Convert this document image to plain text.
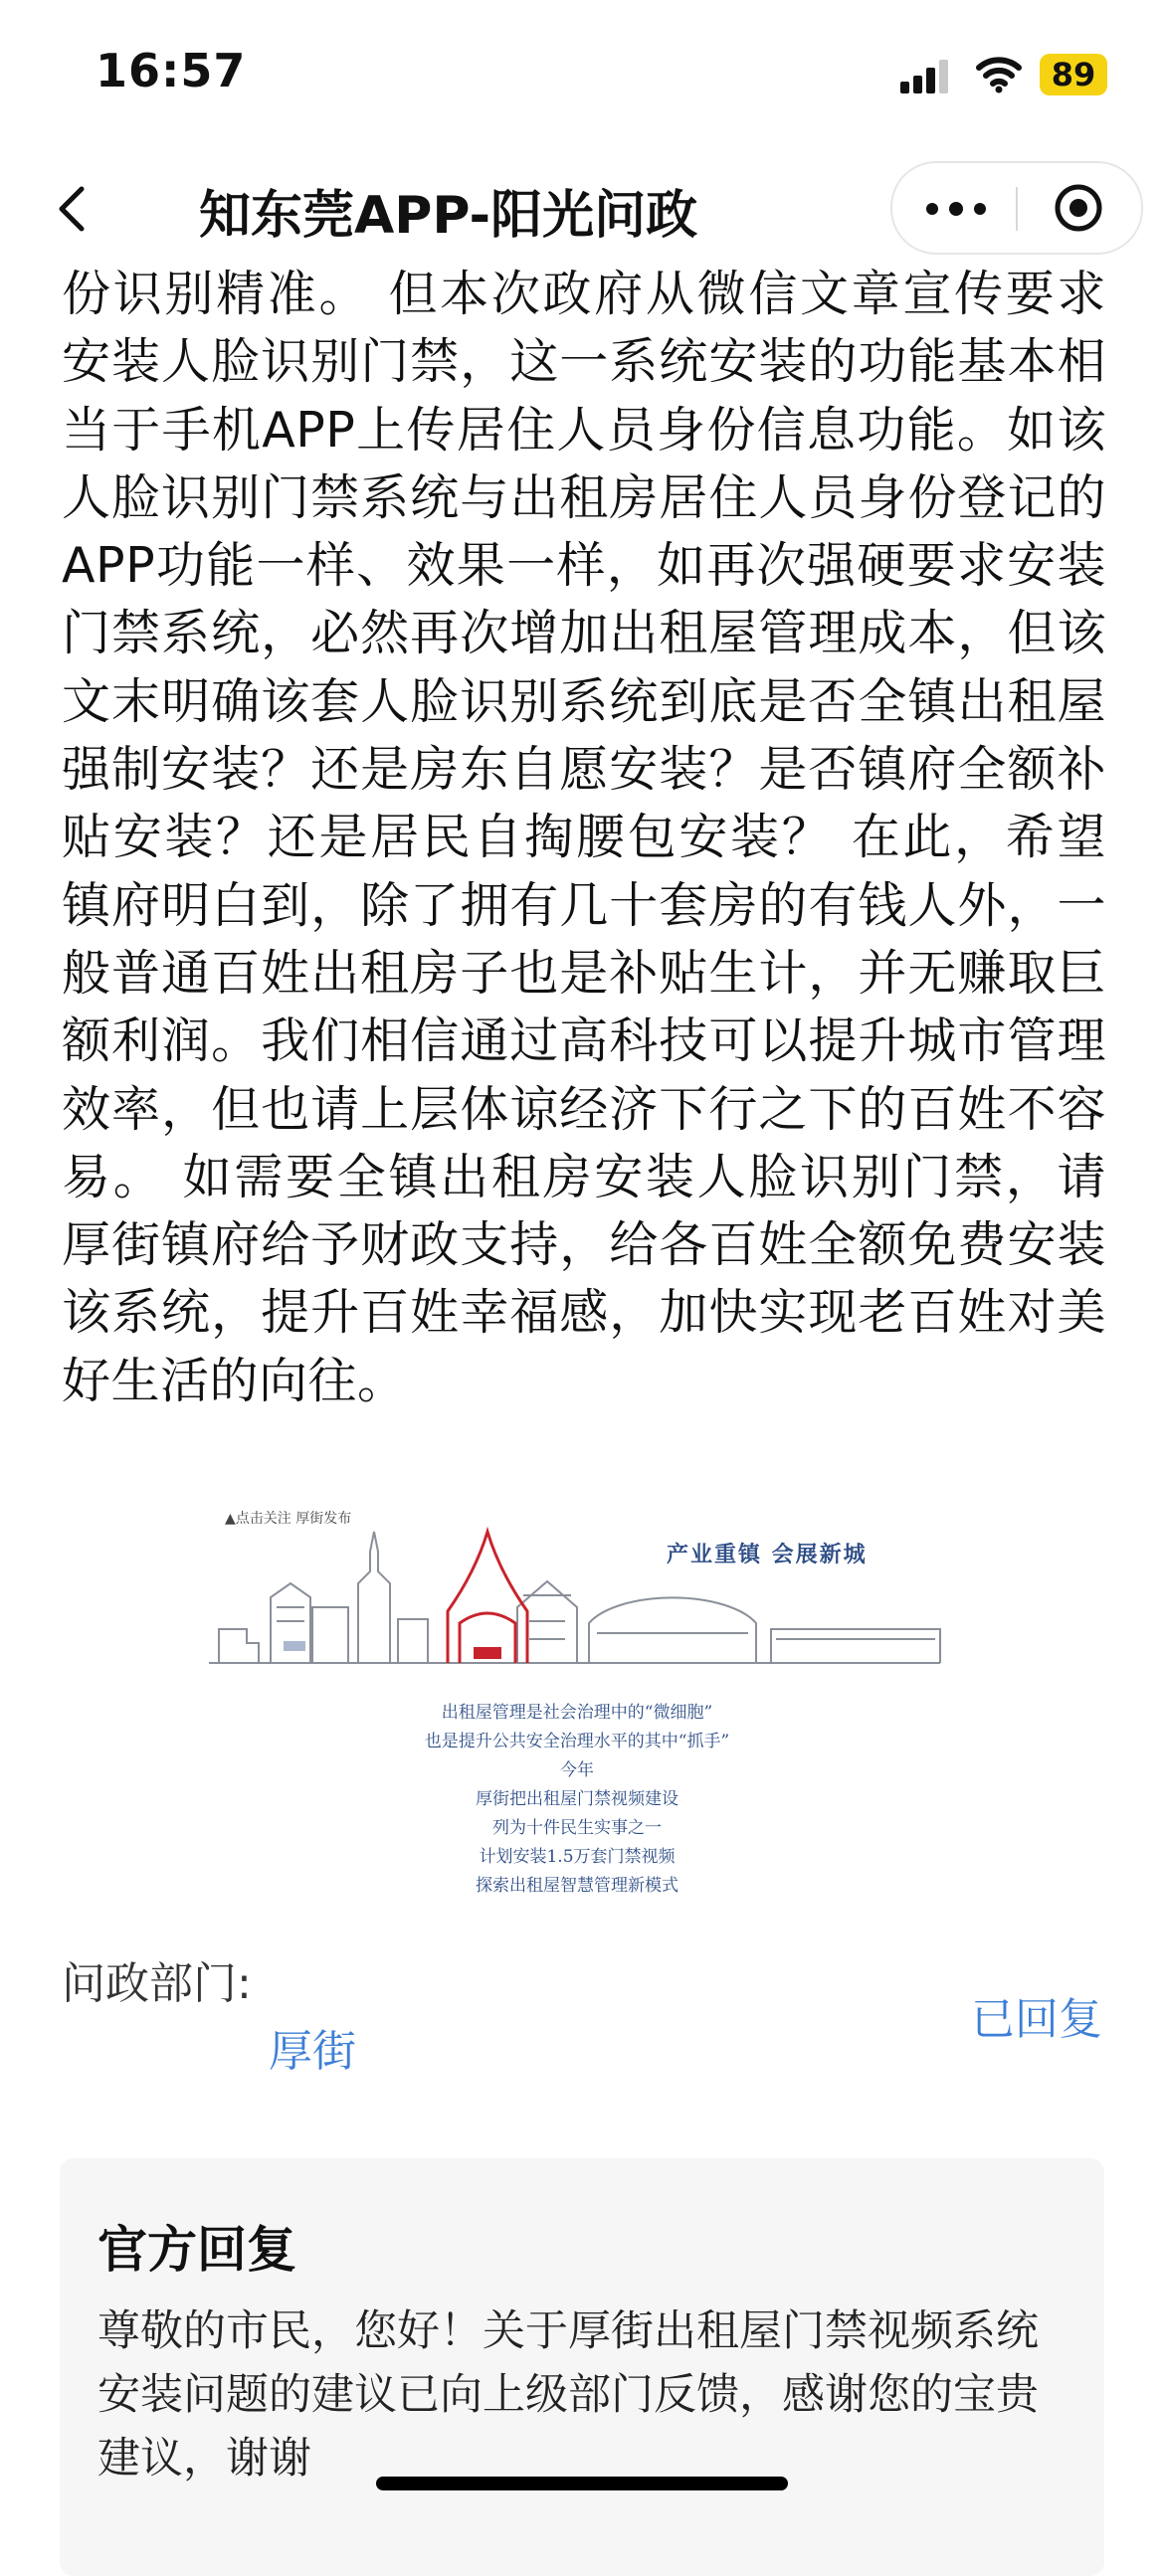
16:57	89
知东莞APP-阳光问政

份识别精准。 但本次政府从微信文章宣传要求安装人脸识别门禁，这一系统安装的功能基本相当于手机APP上传居住人员身份信息功能。如该人脸识别门禁系统与出租房居住人员身份登记的APP功能一样、效果一样，如再次强硬要求安装门禁系统，必然再次增加出租屋管理成本，但该文末明确该套人脸识别系统到底是否全镇出租屋强制安装？还是房东自愿安装？是否镇府全额补贴安装？还是居民自掏腰包安装？ 在此，希望镇府明白到，除了拥有几十套房的有钱人外，一般普通百姓出租房子也是补贴生计，并无赚取巨额利润。我们相信通过高科技可以提升城市管理效率，但也请上层体谅经济下行之下的百姓不容易。 如需要全镇出租房安装人脸识别门禁，请厚街镇府给予财政支持，给各百姓全额免费安装该系统，提升百姓幸福感，加快实现老百姓对美好生活的向往。

▲点击关注 厚街发布
产业重镇 会展新城
出租屋管理是社会治理中的“微细胞”
也是提升公共安全治理水平的其中“抓手”
今年
厚街把出租屋门禁视频建设
列为十件民生实事之一
计划安装1.5万套门禁视频
探索出租屋智慧管理新模式
问政部门:
厚街
已回复
官方回复

尊敬的市民，您好！关于厚街出租屋门禁视频系统安装问题的建议已向上级部门反馈，感谢您的宝贵建议，谢谢
